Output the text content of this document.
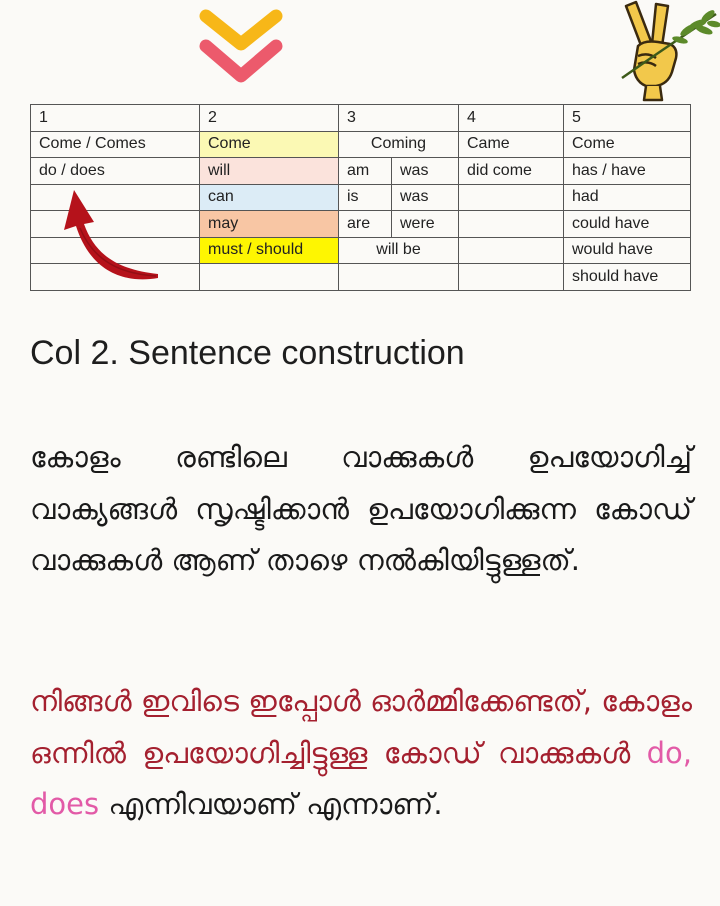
1	2	3		4	5
Come / Comes	Come	Coming		Came	Come
do / does	will	am	was	did come	has / have
	can	is	was		had
	may	are	were		could have
	must / should	will be			would have
					should have
Col 2. Sentence construction
കോളം രണ്ടിലെ വാക്കുകൾ ഉപയോഗിച്ച് വാക്യങ്ങൾ സൃഷ്ടിക്കാൻ ഉപയോഗിക്കുന്ന കോഡ് വാക്കുകൾ ആണ് താഴെ നൽകിയിട്ടുള്ളത്.
നിങ്ങൾ ഇവിടെ ഇപ്പോൾ ഓർമ്മിക്കേണ്ടത്, കോളം ഒന്നിൽ ഉപയോഗിച്ചിട്ടുള്ള കോഡ് വാക്കുകൾ do, does എന്നിവയാണ് എന്നാണ്.
